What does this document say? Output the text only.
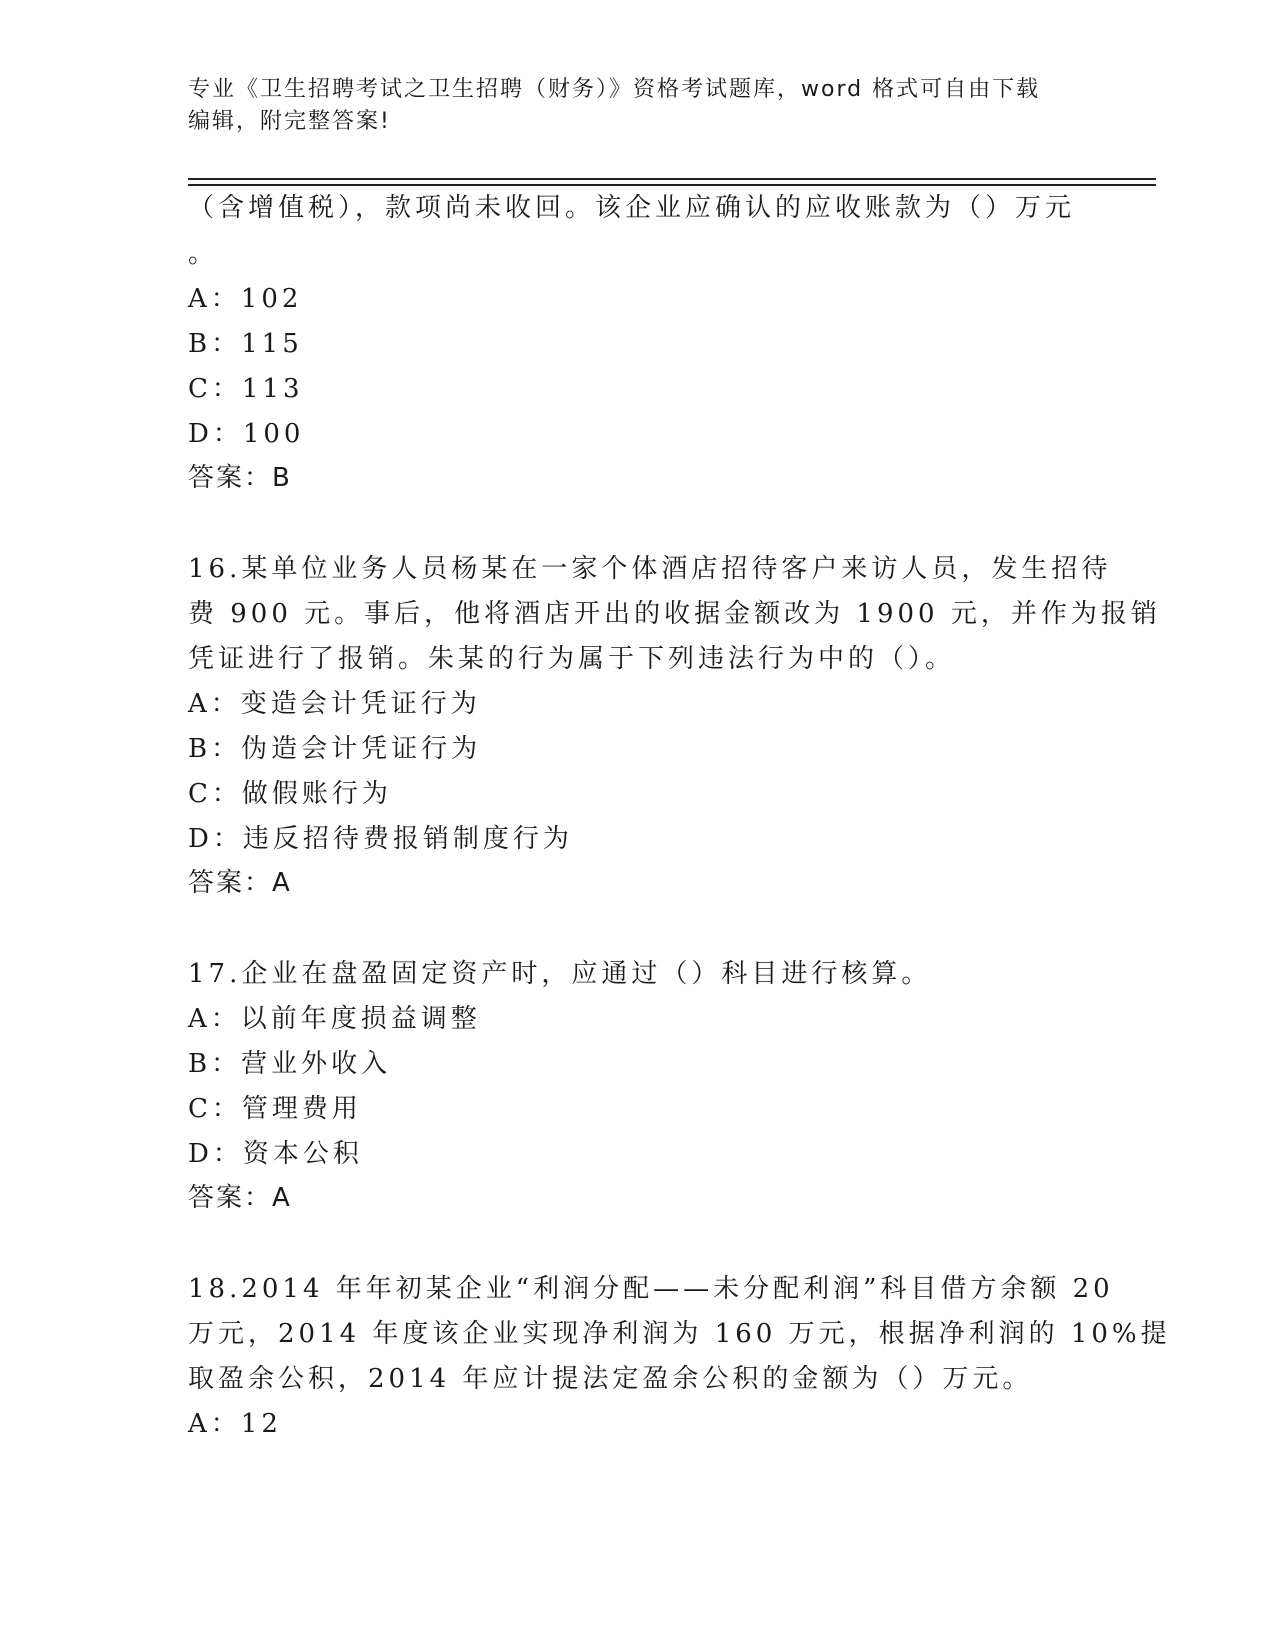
专业《卫生招聘考试之卫生招聘（财务）》资格考试题库，word 格式可自由下载
编辑，附完整答案!
（含增值税），款项尚未收回。该企业应确认的应收账款为（）万元
。
A：102
B：115
C：113
D：100
答案：B
16.某单位业务人员杨某在一家个体酒店招待客户来访人员，发生招待
费 900 元。事后，他将酒店开出的收据金额改为 1900 元，并作为报销
凭证进行了报销。朱某的行为属于下列违法行为中的（）。
A：变造会计凭证行为
B：伪造会计凭证行为
C：做假账行为
D：违反招待费报销制度行为
答案：A
17.企业在盘盈固定资产时，应通过（）科目进行核算。
A：以前年度损益调整
B：营业外收入
C：管理费用
D：资本公积
答案：A
18.2014 年年初某企业“利润分配——未分配利润”科目借方余额 20
万元，2014 年度该企业实现净利润为 160 万元，根据净利润的 10%提
取盈余公积，2014 年应计提法定盈余公积的金额为（）万元。
A：12
